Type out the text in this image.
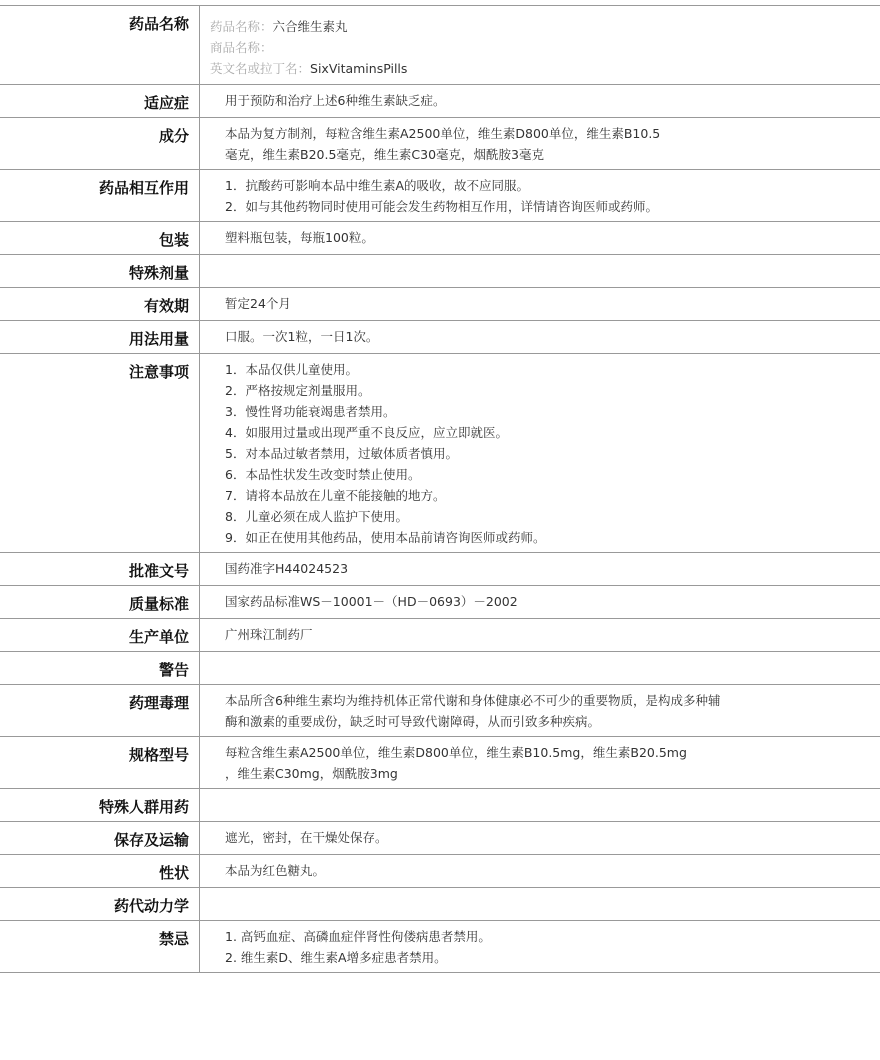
药品名称	药品名称：六合维生素丸
商品名称：
英文名或拉丁名：SixVitaminsPills
适应症	用于预防和治疗上述6种维生素缺乏症。
成分	本品为复方制剂，每粒含维生素A2500单位，维生素D800单位，维生素B10.5
毫克，维生素B20.5毫克，维生素C30毫克，烟酰胺3毫克
药品相互作用	1．抗酸药可影响本品中维生素A的吸收，故不应同服。
2．如与其他药物同时使用可能会发生药物相互作用，详情请咨询医师或药师。
包装	塑料瓶包装，每瓶100粒。
特殊剂量
有效期	暂定24个月
用法用量	口服。一次1粒，一日1次。
注意事项	1．本品仅供儿童使用。
2．严格按规定剂量服用。
3．慢性肾功能衰竭患者禁用。
4．如服用过量或出现严重不良反应，应立即就医。
5．对本品过敏者禁用，过敏体质者慎用。
6．本品性状发生改变时禁止使用。
7．请将本品放在儿童不能接触的地方。
8．儿童必须在成人监护下使用。
9．如正在使用其他药品，使用本品前请咨询医师或药师。
批准文号	国药准字H44024523
质量标准	国家药品标准WS－10001－（HD－0693）－2002
生产单位	广州珠江制药厂
警告
药理毒理	本品所含6种维生素均为维持机体正常代谢和身体健康必不可少的重要物质，是构成多种辅
酶和激素的重要成份，缺乏时可导致代谢障碍，从而引致多种疾病。
规格型号	每粒含维生素A2500单位，维生素D800单位，维生素B10.5mg，维生素B20.5mg
，维生素C30mg，烟酰胺3mg
特殊人群用药
保存及运输	遮光，密封，在干燥处保存。
性状	本品为红色糖丸。
药代动力学
禁忌	1. 高钙血症、高磷血症伴肾性佝偻病患者禁用。
2. 维生素D、维生素A增多症患者禁用。
